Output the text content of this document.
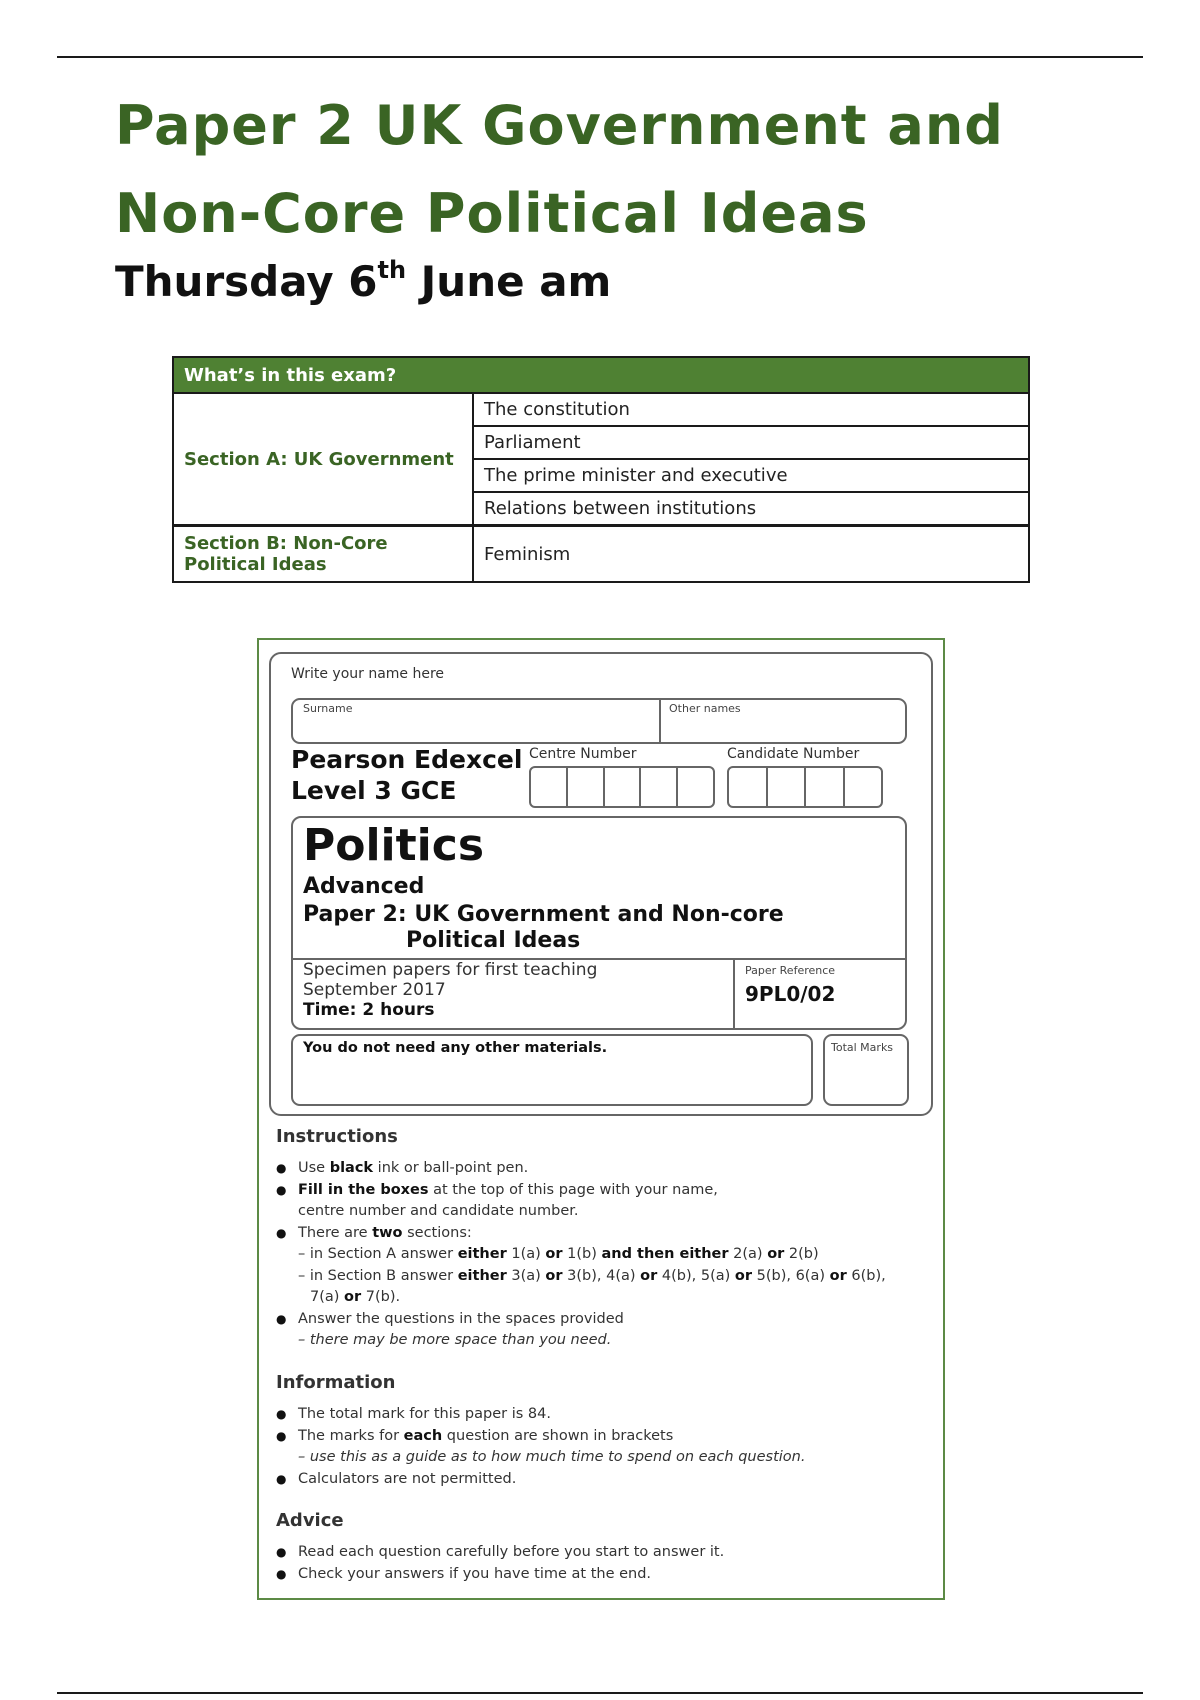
Paper 2 UK Government and
Non-Core Political Ideas
Thursday 6th June am
What’s in this exam?	
Section A: UK Government	The constitution
	Parliament
	The prime minister and executive
	Relations between institutions
Section B: Non-Core Political Ideas	Feminism
Write your name here
Surname	Other names
Pearson Edexcel
Level 3 GCE
Centre Number	Candidate Number
Politics
Advanced
Paper 2: UK Government and Non-core
Political Ideas
Specimen papers for first teaching
September 2017
Time: 2 hours
Paper Reference
9PL0/02
You do not need any other materials.	Total Marks
Instructions
● Use black ink or ball-point pen.
● Fill in the boxes at the top of this page with your name,
centre number and candidate number.
● There are two sections:
– in Section A answer either 1(a) or 1(b) and then either 2(a) or 2(b)
– in Section B answer either 3(a) or 3(b), 4(a) or 4(b), 5(a) or 5(b), 6(a) or 6(b),
7(a) or 7(b).
● Answer the questions in the spaces provided
– there may be more space than you need.
Information
● The total mark for this paper is 84.
● The marks for each question are shown in brackets
– use this as a guide as to how much time to spend on each question.
● Calculators are not permitted.
Advice
● Read each question carefully before you start to answer it.
● Check your answers if you have time at the end.
